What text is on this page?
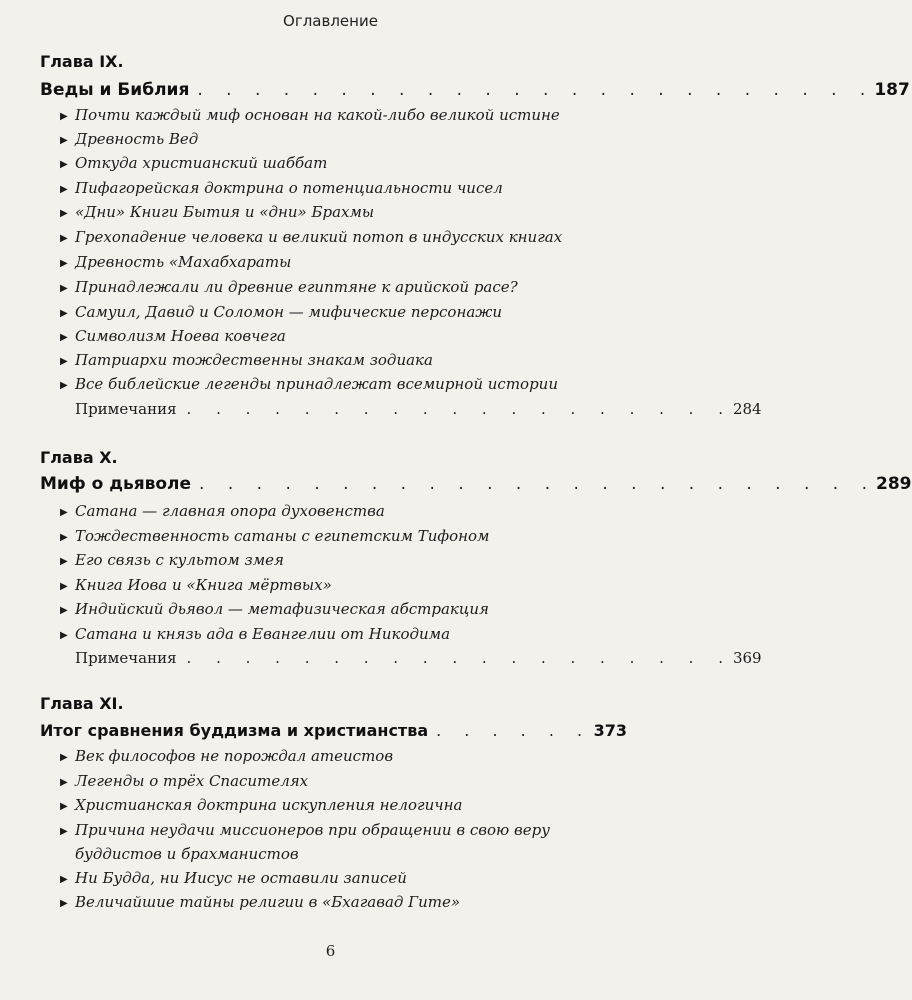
Оглавление
Глава IX.
Веды и Библия . . . . . . . . . . . . . . . . . . . . . . . . 187
▶ Почти каждый миф основан на какой-либо великой истине
▶ Древность Вед
▶ Откуда христианский шаббат
▶ Пифагорейская доктрина о потенциальности чисел
▶ «Дни» Книги Бытия и «дни» Брахмы
▶ Грехопадение человека и великий потоп в индусских книгах
▶ Древность «Махабхараты
▶ Принадлежали ли древние египтяне к арийской расе?
▶ Самуил, Давид и Соломон — мифические персонажи
▶ Символизм Ноева ковчега
▶ Патриархи тождественны знакам зодиака
▶ Все библейские легенды принадлежат всемирной истории
Примечания . . . . . . . . . . . . . . . . . . . 284
Глава X.
Миф о дьяволе . . . . . . . . . . . . . . . . . . . . . . . . 289
▶ Сатана — главная опора духовенства
▶ Тождественность сатаны с египетским Тифоном
▶ Его связь с культом змея
▶ Книга Иова и «Книга мёртвых»
▶ Индийский дьявол — метафизическая абстракция
▶ Сатана и князь ада в Евангелии от Никодима
Примечания . . . . . . . . . . . . . . . . . . . 369
Глава XI.
Итог сравнения буддизма и христианства . . . . . . 373
▶ Век философов не порождал атеистов
▶ Легенды о трёх Спасителях
▶ Христианская доктрина искупления нелогична
▶ Причина неудачи миссионеров при обращении в свою веру
буддистов и брахманистов
▶ Ни Будда, ни Иисус не оставили записей
▶ Величайшие тайны религии в «Бхагавад Гите»
6
